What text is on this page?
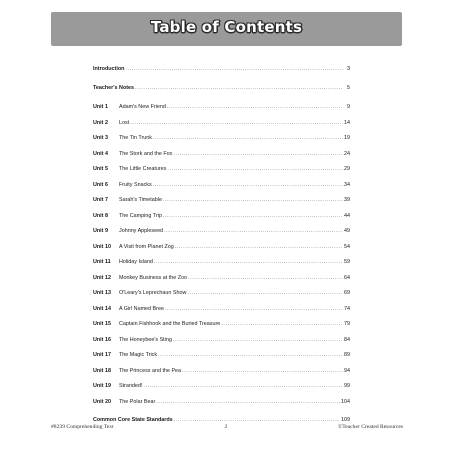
Table of Contents
Introduction .....	3
Teacher's Notes .....	5
Unit 1	Adam's New Friend .....	9
Unit 2	Lost .....	14
Unit 3	The Tin Trunk .....	19
Unit 4	The Stork and the Fox .....	24
Unit 5	The Little Creatures .....	29
Unit 6	Fruity Snacks .....	34
Unit 7	Sarah's Timetable .....	39
Unit 8	The Camping Trip .....	44
Unit 9	Johnny Appleseed .....	49
Unit 10	A Visit from Planet Zog .....	54
Unit 11	Holiday Island .....	59
Unit 12	Monkey Business at the Zoo .....	64
Unit 13	O'Leary's Leprechaun Show .....	69
Unit 14	A Girl Named Bree .....	74
Unit 15	Captain Fishhook and the Buried Treasure .....	79
Unit 16	The Honeybee's Sting .....	84
Unit 17	The Magic Trick .....	89
Unit 18	The Princess and the Pea .....	94
Unit 19	Stranded! .....	99
Unit 20	The Polar Bear .....	104
Common Core State Standards .....	109
#8239 Comprehending Text	2	©Teacher Created Resources
